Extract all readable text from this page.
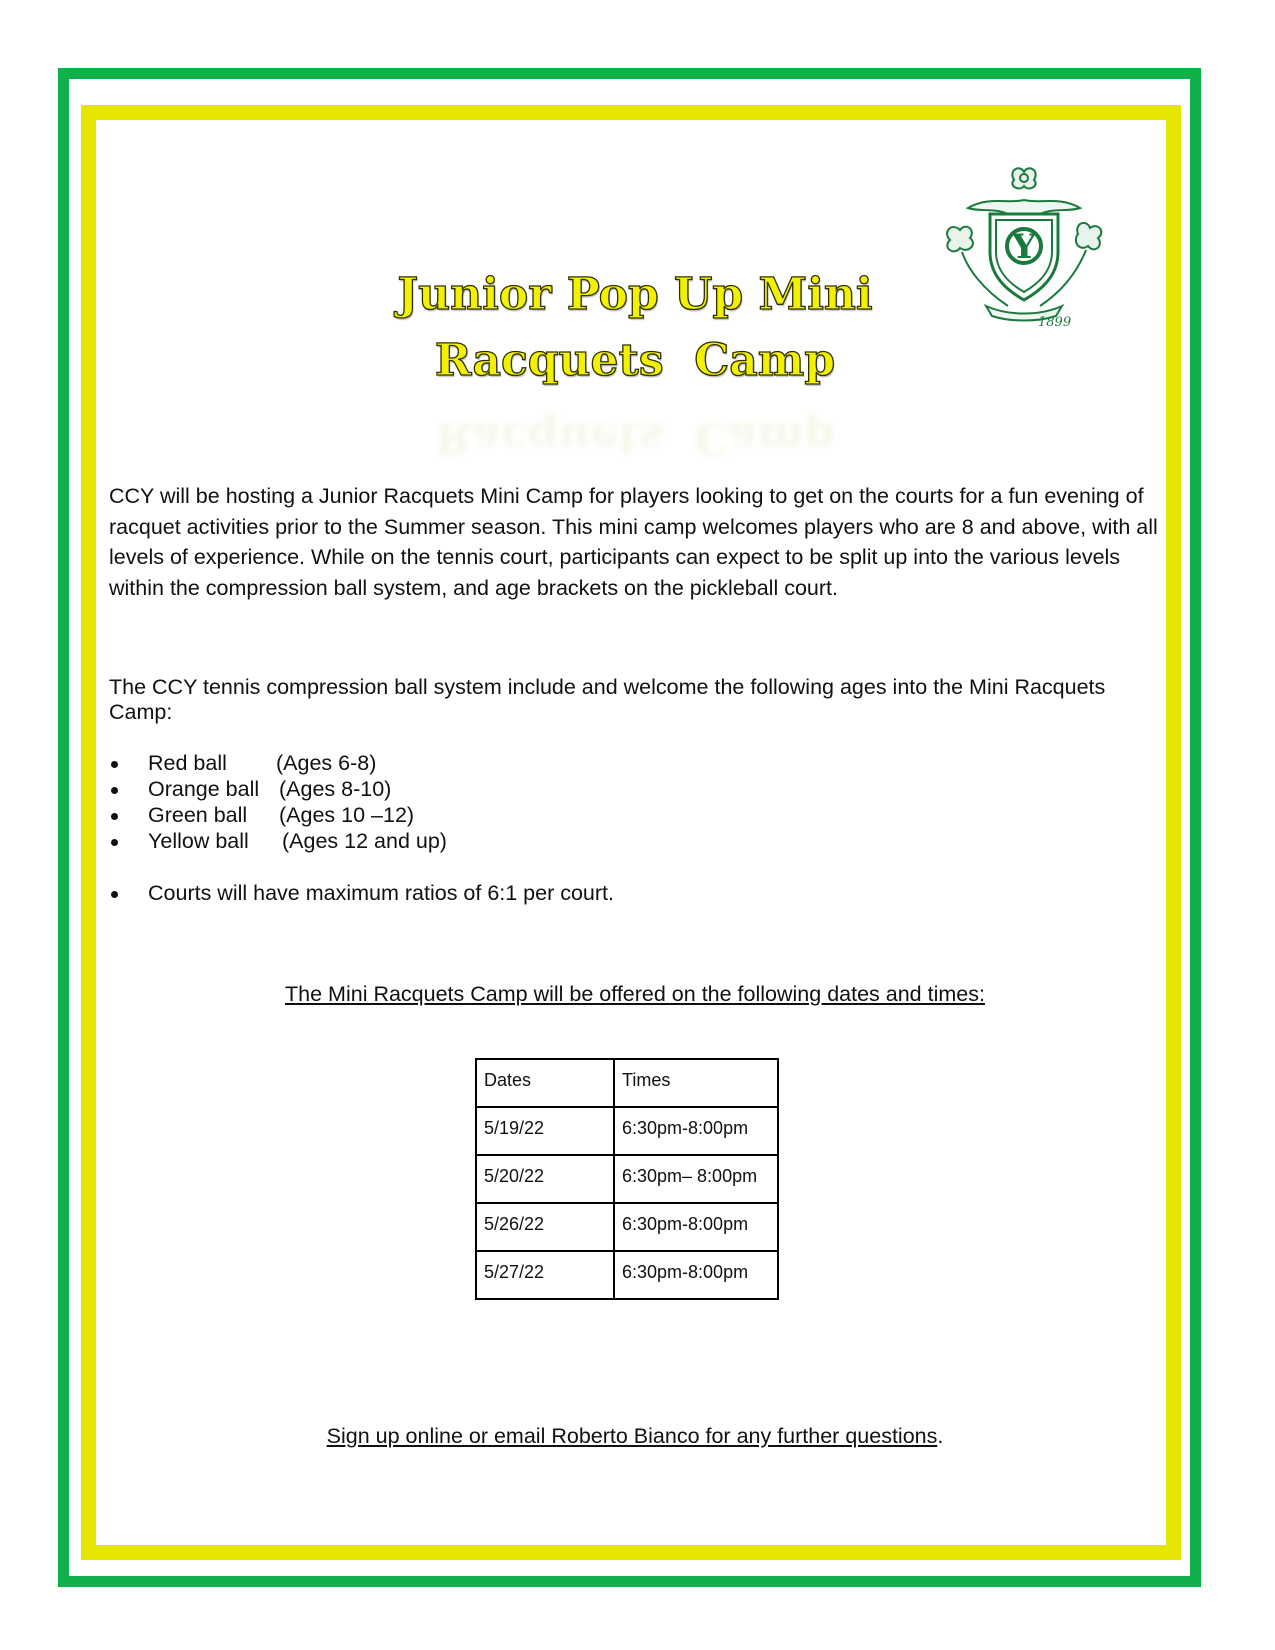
Junior Pop Up Mini
Racquets  Camp
Racquets  Camp
Y
1899

CCY will be hosting a Junior Racquets Mini Camp for players looking to get on the courts for a fun evening of racquet activities prior to the Summer season. This mini camp welcomes players who are 8 and above, with all levels of experience. While on the tennis court, participants can expect to be split up into the various levels within the compression ball system, and age brackets on the pickleball court.

The CCY tennis compression ball system include and welcome the following ages into the Mini Racquets Camp:
Red ball (Ages 6-8)
Orange ball (Ages 8-10)
Green ball (Ages 10 –12)
Yellow ball (Ages 12 and up)
Courts will have maximum ratios of 6:1 per court.
The Mini Racquets Camp will be offered on the following dates and times:
Dates	Times
5/19/22	6:30pm-8:00pm
5/20/22	6:30pm– 8:00pm
5/26/22	6:30pm-8:00pm
5/27/22	6:30pm-8:00pm
Sign up online or email Roberto Bianco for any further questions.
